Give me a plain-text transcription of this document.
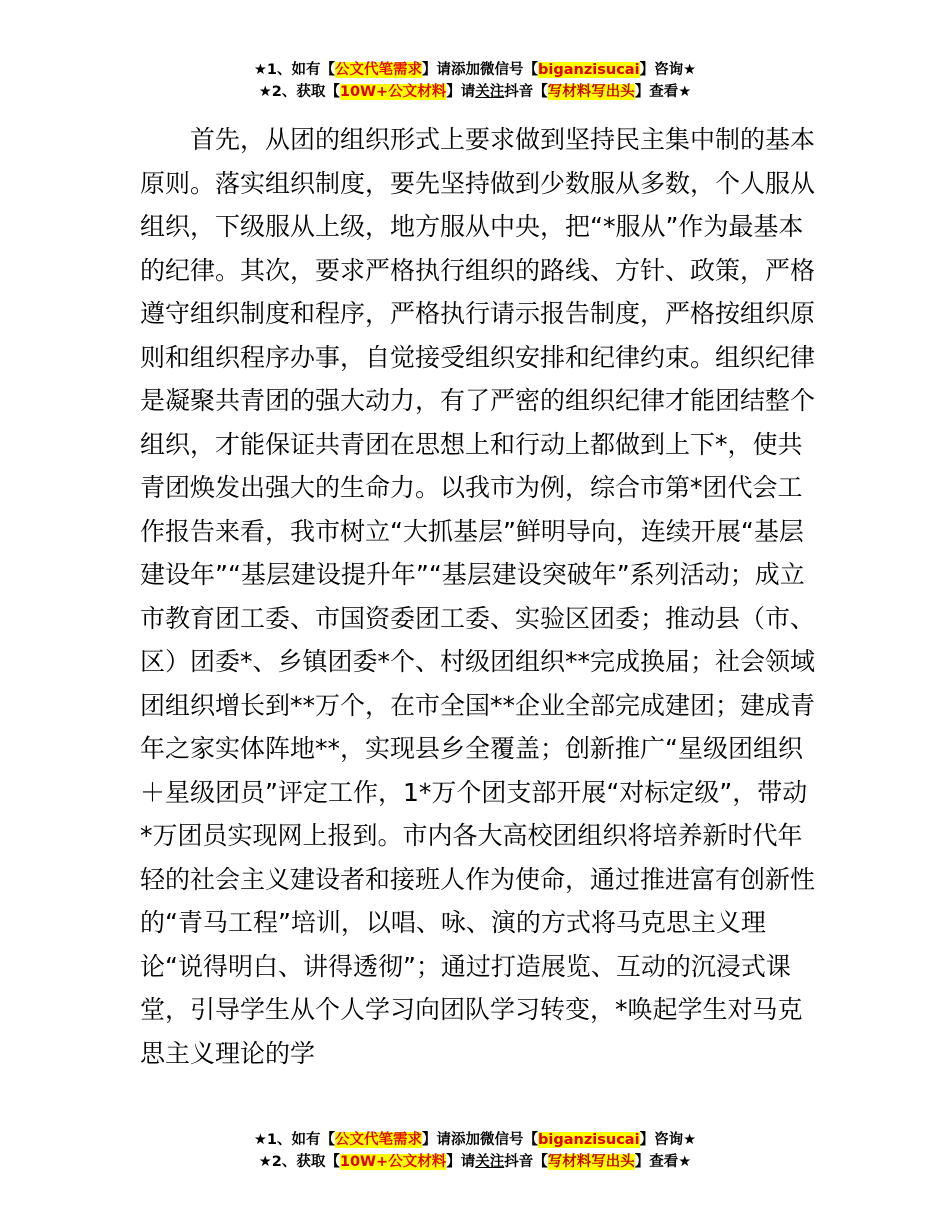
★1、如有【公文代笔需求】请添加微信号【biganzisucai】咨询★
★2、获取【10W+公文材料】请关注抖音【写材料写出头】查看★
首先，从团的组织形式上要求做到坚持民主集中制的基本
原则。落实组织制度，要先坚持做到少数服从多数，个人服从
组织，下级服从上级，地方服从中央，把“*服从”作为最基本
的纪律。其次，要求严格执行组织的路线、方针、政策，严格
遵守组织制度和程序，严格执行请示报告制度，严格按组织原
则和组织程序办事，自觉接受组织安排和纪律约束。组织纪律
是凝聚共青团的强大动力，有了严密的组织纪律才能团结整个
组织，才能保证共青团在思想上和行动上都做到上下*，使共
青团焕发出强大的生命力。以我市为例，综合市第*团代会工
作报告来看，我市树立“大抓基层”鲜明导向，连续开展“基层
建设年”“基层建设提升年”“基层建设突破年”系列活动；成立
市教育团工委、市国资委团工委、实验区团委；推动县（市、
区）团委*、乡镇团委*个、村级团组织**完成换届；社会领域
团组织增长到**万个，在市全国**企业全部完成建团；建成青
年之家实体阵地**，实现县乡全覆盖；创新推广“星级团组织
＋星级团员”评定工作，1*万个团支部开展“对标定级”，带动
*万团员实现网上报到。市内各大高校团组织将培养新时代年
轻的社会主义建设者和接班人作为使命，通过推进富有创新性
的“青马工程”培训，以唱、咏、演的方式将马克思主义理
论“说得明白、讲得透彻”；通过打造展览、互动的沉浸式课
堂，引导学生从个人学习向团队学习转变，*唤起学生对马克
思主义理论的学
★1、如有【公文代笔需求】请添加微信号【biganzisucai】咨询★
★2、获取【10W+公文材料】请关注抖音【写材料写出头】查看★
